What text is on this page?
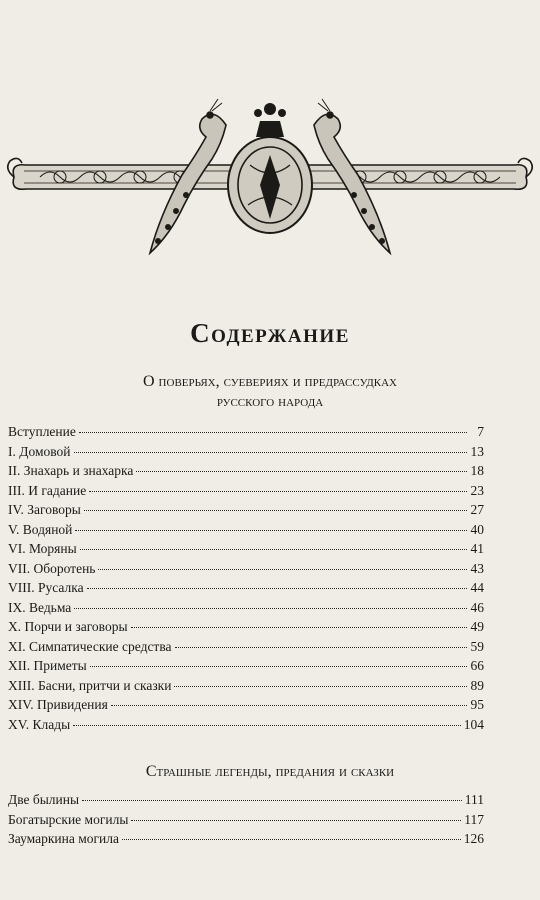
Содержание
О поверьях, суевериях и предрассудках
русского народа
Вступление	7
I. Домовой	13
II. Знахарь и знахарка	18
III. И гадание	23
IV. Заговоры	27
V. Водяной	40
VI. Моряны	41
VII. Оборотень	43
VIII. Русалка	44
IX. Ведьма	46
X. Порчи и заговоры	49
XI. Симпатические средства	59
XII. Приметы	66
XIII. Басни, притчи и сказки	89
XIV. Привидения	95
XV. Клады	104
Страшные легенды, предания и сказки
Две былины	111
Богатырские могилы	117
Заумаркина могила	126
